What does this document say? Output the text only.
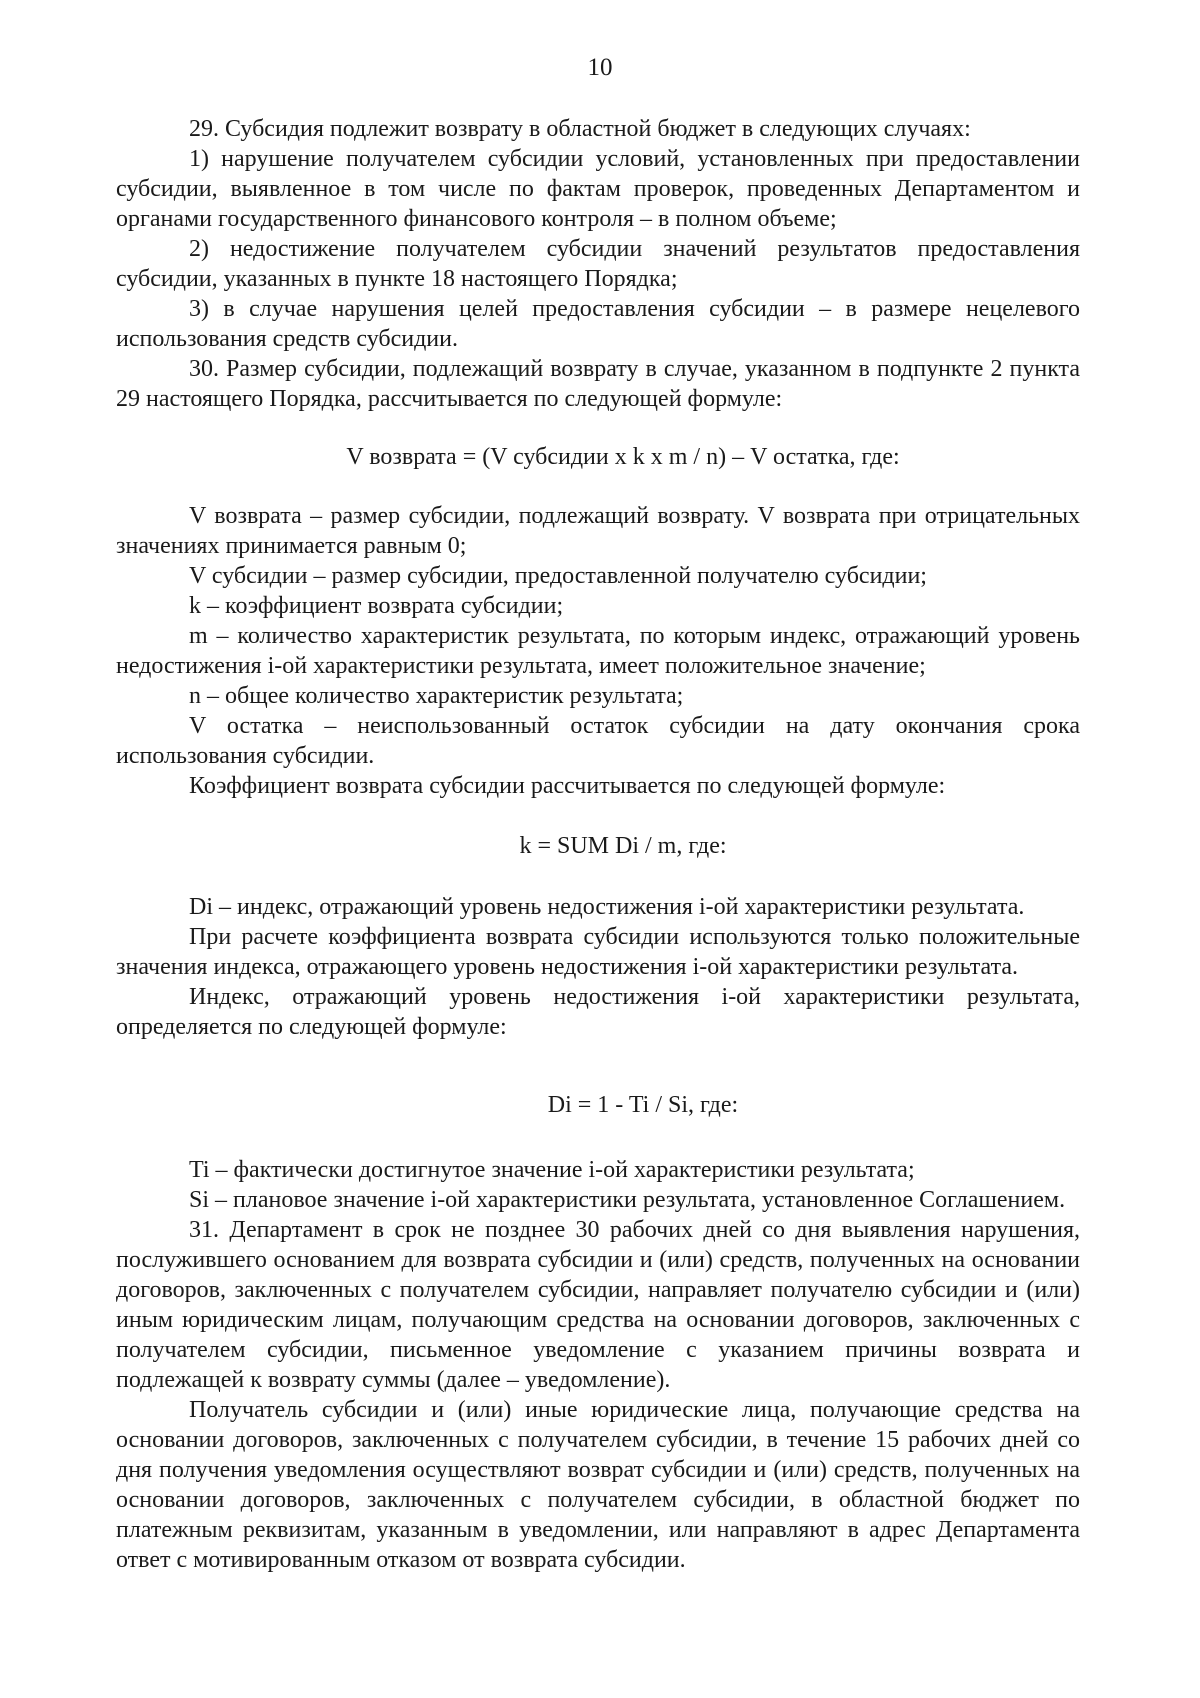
10

29. Субсидия подлежит возврату в областной бюджет в следующих случаях:

1) нарушение получателем субсидии условий, установленных при предоставлении субсидии, выявленное в том числе по фактам проверок, проведенных Департаментом и органами государственного финансового контроля – в полном объеме;

2) недостижение получателем субсидии значений результатов предоставления субсидии, указанных в пункте 18 настоящего Порядка;

3) в случае нарушения целей предоставления субсидии – в размере нецелевого использования средств субсидии.

30. Размер субсидии, подлежащий возврату в случае, указанном в подпункте 2 пункта 29 настоящего Порядка, рассчитывается по следующей формуле:

V возврата = (V субсидии x k x m / n) – V остатка, где:

V возврата – размер субсидии, подлежащий возврату. V возврата при отрицательных значениях принимается равным 0;

V субсидии – размер субсидии, предоставленной получателю субсидии;

k – коэффициент возврата субсидии;

m – количество характеристик результата, по которым индекс, отражающий уровень недостижения i-ой характеристики результата, имеет положительное значение;

n – общее количество характеристик результата;

V остатка – неиспользованный остаток субсидии на дату окончания срока использования субсидии.

Коэффициент возврата субсидии рассчитывается по следующей формуле:

k = SUM Di / m, где:

Di – индекс, отражающий уровень недостижения i-ой характеристики результата.

При расчете коэффициента возврата субсидии используются только положительные значения индекса, отражающего уровень недостижения i-ой характеристики результата.

Индекс, отражающий уровень недостижения i-ой характеристики результата, определяется по следующей формуле:

Di = 1 - Ti / Si, где:

Ti – фактически достигнутое значение i-ой характеристики результата;

Si – плановое значение i-ой характеристики результата, установленное Соглашением.

31. Департамент в срок не позднее 30 рабочих дней со дня выявления нарушения, послужившего основанием для возврата субсидии и (или) средств, полученных на основании договоров, заключенных с получателем субсидии, направляет получателю субсидии и (или) иным юридическим лицам, получающим средства на основании договоров, заключенных с получателем субсидии, письменное уведомление с указанием причины возврата и подлежащей к возврату суммы (далее – уведомление).

Получатель субсидии и (или) иные юридические лица, получающие средства на основании договоров, заключенных с получателем субсидии, в течение 15 рабочих дней со дня получения уведомления осуществляют возврат субсидии и (или) средств, полученных на основании договоров, заключенных с получателем субсидии, в областной бюджет по платежным реквизитам, указанным в уведомлении, или направляют в адрес Департамента ответ с мотивированным отказом от возврата субсидии.
